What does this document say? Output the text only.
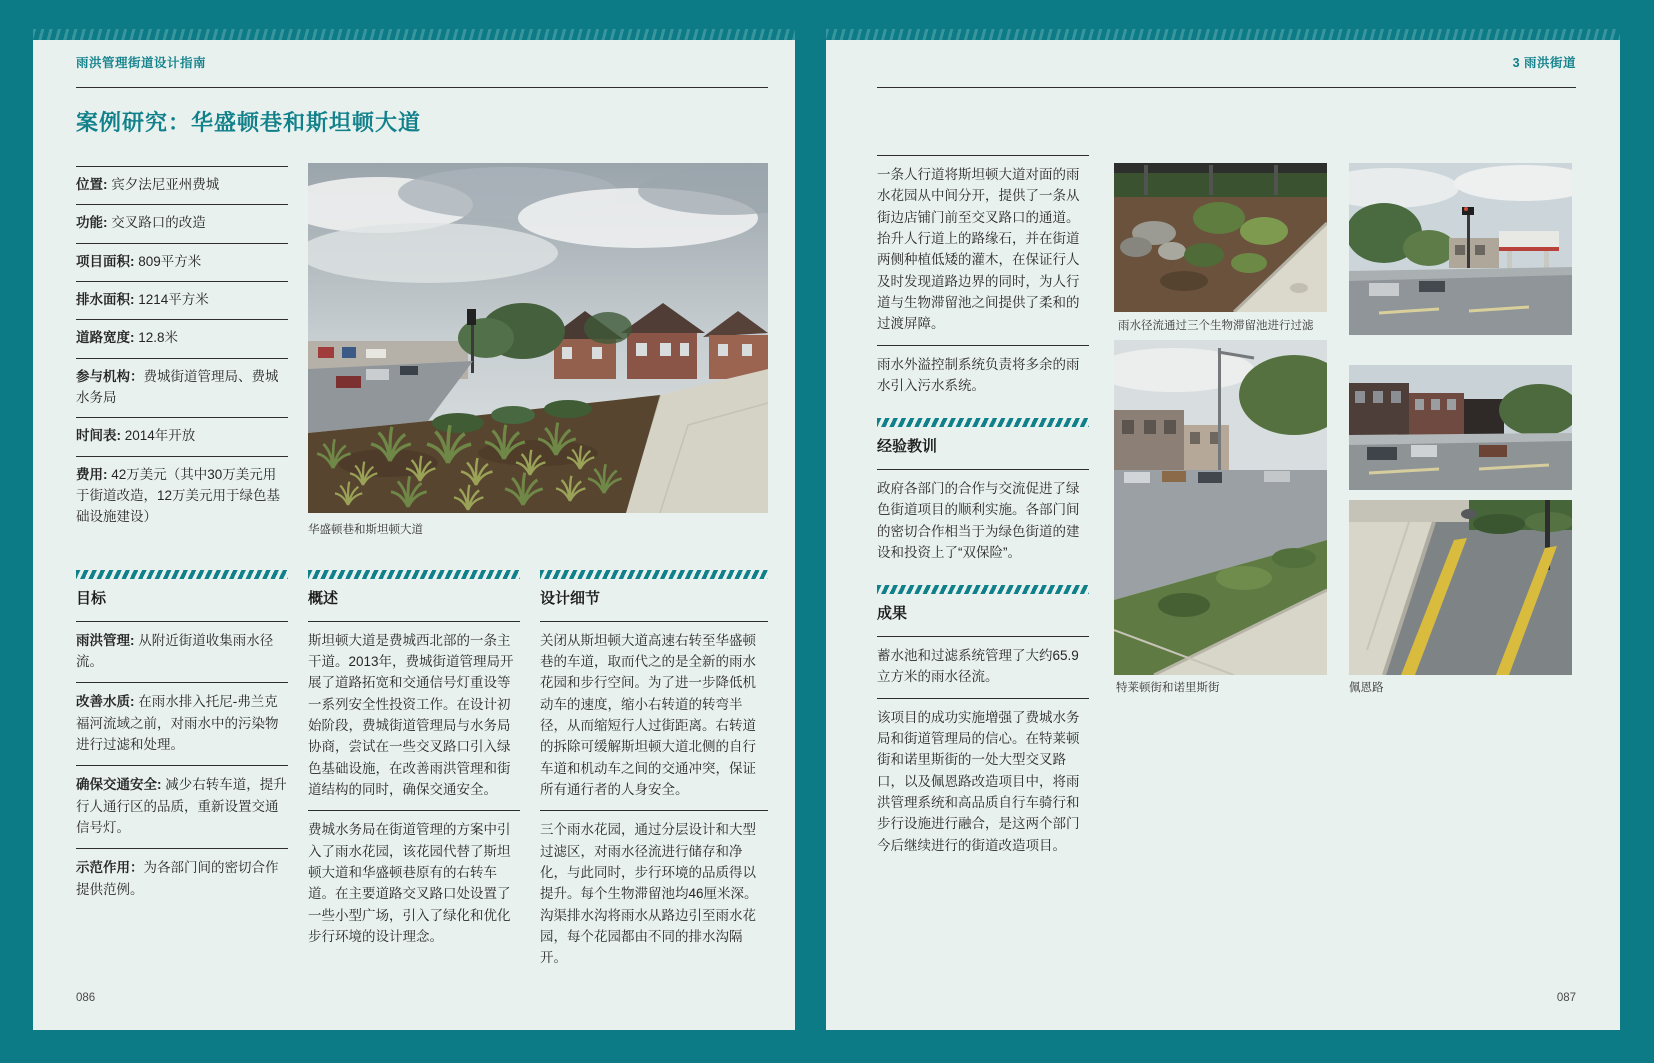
雨洪管理街道设计指南
案例研究：华盛顿巷和斯坦顿大道
位置: 宾夕法尼亚州费城
功能: 交叉路口的改造
项目面积: 809平方米
排水面积: 1214平方米
道路宽度: 12.8米
参与机构：费城街道管理局、费城水务局
时间表: 2014年开放
费用: 42万美元（其中30万美元用于街道改造，12万美元用于绿色基础设施建设）
华盛顿巷和斯坦顿大道
目标
雨洪管理: 从附近街道收集雨水径流。
改善水质: 在雨水排入托尼-弗兰克福河流域之前，对雨水中的污染物进行过滤和处理。
确保交通安全: 减少右转车道，提升行人通行区的品质，重新设置交通信号灯。
示范作用：为各部门间的密切合作提供范例。
概述

斯坦顿大道是费城西北部的一条主干道。2013年，费城街道管理局开展了道路拓宽和交通信号灯重设等一系列安全性投资工作。在设计初始阶段，费城街道管理局与水务局协商，尝试在一些交叉路口引入绿色基础设施，在改善雨洪管理和街道结构的同时，确保交通安全。

费城水务局在街道管理的方案中引入了雨水花园，该花园代替了斯坦顿大道和华盛顿巷原有的右转车道。在主要道路交叉路口处设置了一些小型广场，引入了绿化和优化步行环境的设计理念。

设计细节

关闭从斯坦顿大道高速右转至华盛顿巷的车道，取而代之的是全新的雨水花园和步行空间。为了进一步降低机动车的速度，缩小右转道的转弯半径，从而缩短行人过街距离。右转道的拆除可缓解斯坦顿大道北侧的自行车道和机动车之间的交通冲突，保证所有通行者的人身安全。

三个雨水花园，通过分层设计和大型过滤区，对雨水径流进行储存和净化，与此同时，步行环境的品质得以提升。每个生物滞留池均46厘米深。沟渠排水沟将雨水从路边引至雨水花园，每个花园都由不同的排水沟隔开。

086
3 雨洪街道

一条人行道将斯坦顿大道对面的雨水花园从中间分开，提供了一条从街边店铺门前至交叉路口的通道。抬升人行道上的路缘石，并在街道两侧种植低矮的灌木，在保证行人及时发现道路边界的同时，为人行道与生物滞留池之间提供了柔和的过渡屏障。

雨水外溢控制系统负责将多余的雨水引入污水系统。

经验教训

政府各部门的合作与交流促进了绿色街道项目的顺利实施。各部门间的密切合作相当于为绿色街道的建设和投资上了“双保险”。

成果

蓄水池和过滤系统管理了大约65.9立方米的雨水径流。

该项目的成功实施增强了费城水务局和街道管理局的信心。在特莱顿街和诺里斯街的一处大型交叉路口，以及佩恩路改造项目中，将雨洪管理系统和高品质自行车骑行和步行设施进行融合，是这两个部门今后继续进行的街道改造项目。

雨水径流通过三个生物滞留池进行过滤
特莱顿街和诺里斯街	佩恩路
087
